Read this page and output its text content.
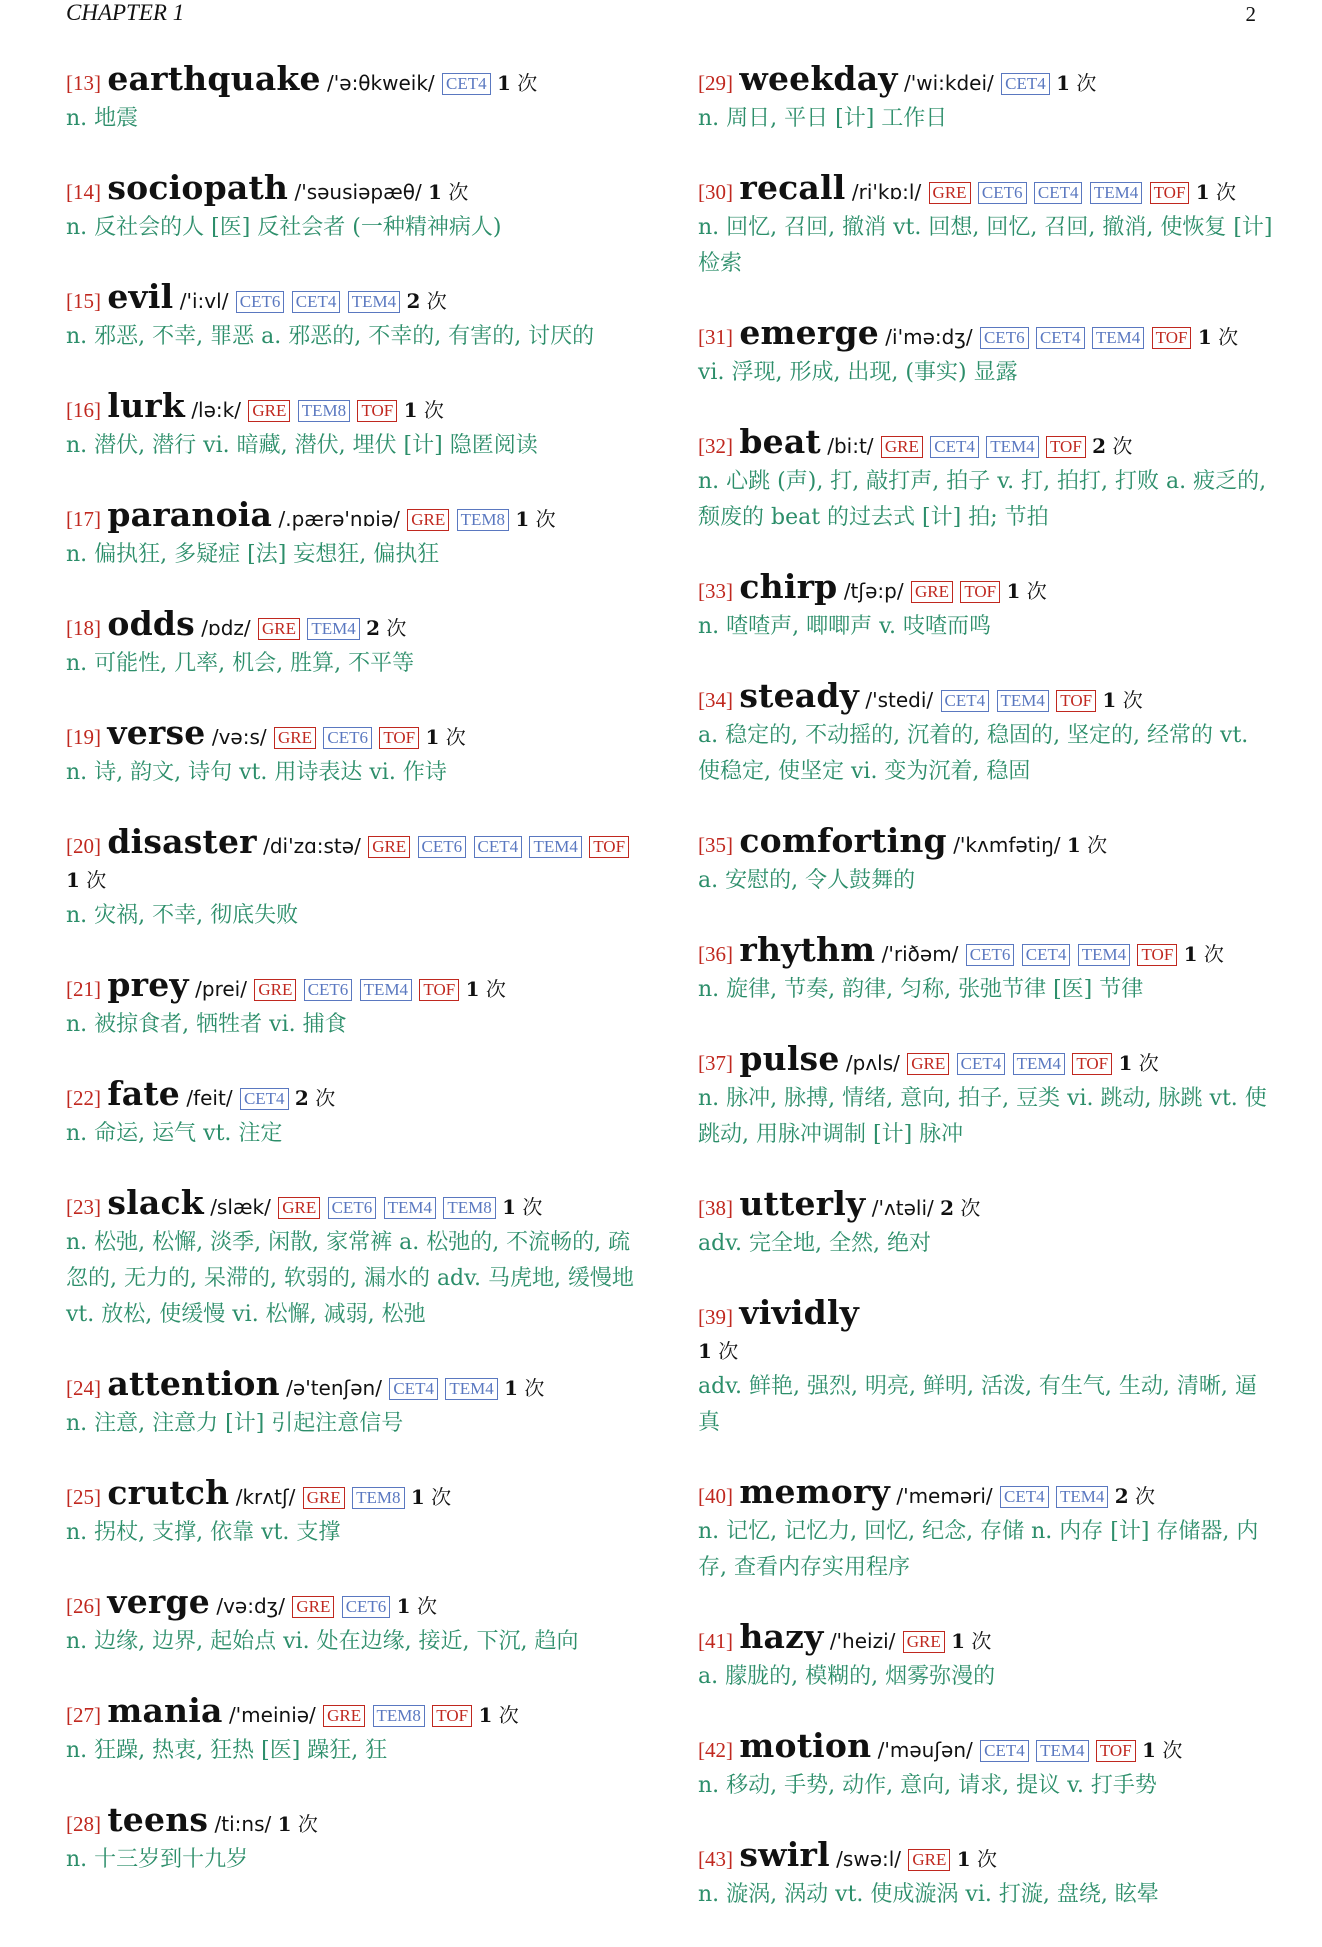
CHAPTER 1	2
[13] earthquake /'ə:θkweik/ CET4 1 次
n. 地震
[14] sociopath /'səusiəpæθ/ 1 次
n. 反社会的人 [医] 反社会者 (一种精神病人)
[15] evil /'i:vl/ CET6 CET4 TEM4 2 次
n. 邪恶, 不幸, 罪恶 a. 邪恶的, 不幸的, 有害的, 讨厌的
[16] lurk /lə:k/ GRE TEM8 TOF 1 次
n. 潜伏, 潜行 vi. 暗藏, 潜伏, 埋伏 [计] 隐匿阅读
[17] paranoia /.pærə'nɒiə/ GRE TEM8 1 次
n. 偏执狂, 多疑症 [法] 妄想狂, 偏执狂
[18] odds /ɒdz/ GRE TEM4 2 次
n. 可能性, 几率, 机会, 胜算, 不平等
[19] verse /və:s/ GRE CET6 TOF 1 次
n. 诗, 韵文, 诗句 vt. 用诗表达 vi. 作诗
[20] disaster /di'zɑ:stə/ GRE CET6 CET4 TEM4 TOF 1 次
n. 灾祸, 不幸, 彻底失败
[21] prey /prei/ GRE CET6 TEM4 TOF 1 次
n. 被掠食者, 牺牲者 vi. 捕食
[22] fate /feit/ CET4 2 次
n. 命运, 运气 vt. 注定
[23] slack /slæk/ GRE CET6 TEM4 TEM8 1 次
n. 松弛, 松懈, 淡季, 闲散, 家常裤 a. 松弛的, 不流畅的, 疏忽的, 无力的, 呆滞的, 软弱的, 漏水的 adv. 马虎地, 缓慢地 vt. 放松, 使缓慢 vi. 松懈, 减弱, 松弛
[24] attention /ə'tenʃən/ CET4 TEM4 1 次
n. 注意, 注意力 [计] 引起注意信号
[25] crutch /krʌtʃ/ GRE TEM8 1 次
n. 拐杖, 支撑, 依靠 vt. 支撑
[26] verge /və:dʒ/ GRE CET6 1 次
n. 边缘, 边界, 起始点 vi. 处在边缘, 接近, 下沉, 趋向
[27] mania /'meiniə/ GRE TEM8 TOF 1 次
n. 狂躁, 热衷, 狂热 [医] 躁狂, 狂
[28] teens /ti:ns/ 1 次
n. 十三岁到十九岁
[29] weekday /'wi:kdei/ CET4 1 次
n. 周日, 平日 [计] 工作日
[30] recall /ri'kɒ:l/ GRE CET6 CET4 TEM4 TOF 1 次
n. 回忆, 召回, 撤消 vt. 回想, 回忆, 召回, 撤消, 使恢复 [计] 检索
[31] emerge /i'mə:dʒ/ CET6 CET4 TEM4 TOF 1 次
vi. 浮现, 形成, 出现, (事实) 显露
[32] beat /bi:t/ GRE CET4 TEM4 TOF 2 次
n. 心跳 (声), 打, 敲打声, 拍子 v. 打, 拍打, 打败 a. 疲乏的, 颓废的 beat 的过去式 [计] 拍; 节拍
[33] chirp /tʃə:p/ GRE TOF 1 次
n. 喳喳声, 唧唧声 v. 吱喳而鸣
[34] steady /'stedi/ CET4 TEM4 TOF 1 次
a. 稳定的, 不动摇的, 沉着的, 稳固的, 坚定的, 经常的 vt. 使稳定, 使坚定 vi. 变为沉着, 稳固
[35] comforting /'kʌmfətiŋ/ 1 次
a. 安慰的, 令人鼓舞的
[36] rhythm /'riðəm/ CET6 CET4 TEM4 TOF 1 次
n. 旋律, 节奏, 韵律, 匀称, 张弛节律 [医] 节律
[37] pulse /pʌls/ GRE CET4 TEM4 TOF 1 次
n. 脉冲, 脉搏, 情绪, 意向, 拍子, 豆类 vi. 跳动, 脉跳 vt. 使跳动, 用脉冲调制 [计] 脉冲
[38] utterly /'ʌtəli/ 2 次
adv. 完全地, 全然, 绝对
[39] vividly
1 次
adv. 鲜艳, 强烈, 明亮, 鲜明, 活泼, 有生气, 生动, 清晰, 逼真
[40] memory /'meməri/ CET4 TEM4 2 次
n. 记忆, 记忆力, 回忆, 纪念, 存储 n. 内存 [计] 存储器, 内存, 查看内存实用程序
[41] hazy /'heizi/ GRE 1 次
a. 朦胧的, 模糊的, 烟雾弥漫的
[42] motion /'məuʃən/ CET4 TEM4 TOF 1 次
n. 移动, 手势, 动作, 意向, 请求, 提议 v. 打手势
[43] swirl /swə:l/ GRE 1 次
n. 漩涡, 涡动 vt. 使成漩涡 vi. 打漩, 盘绕, 眩晕
